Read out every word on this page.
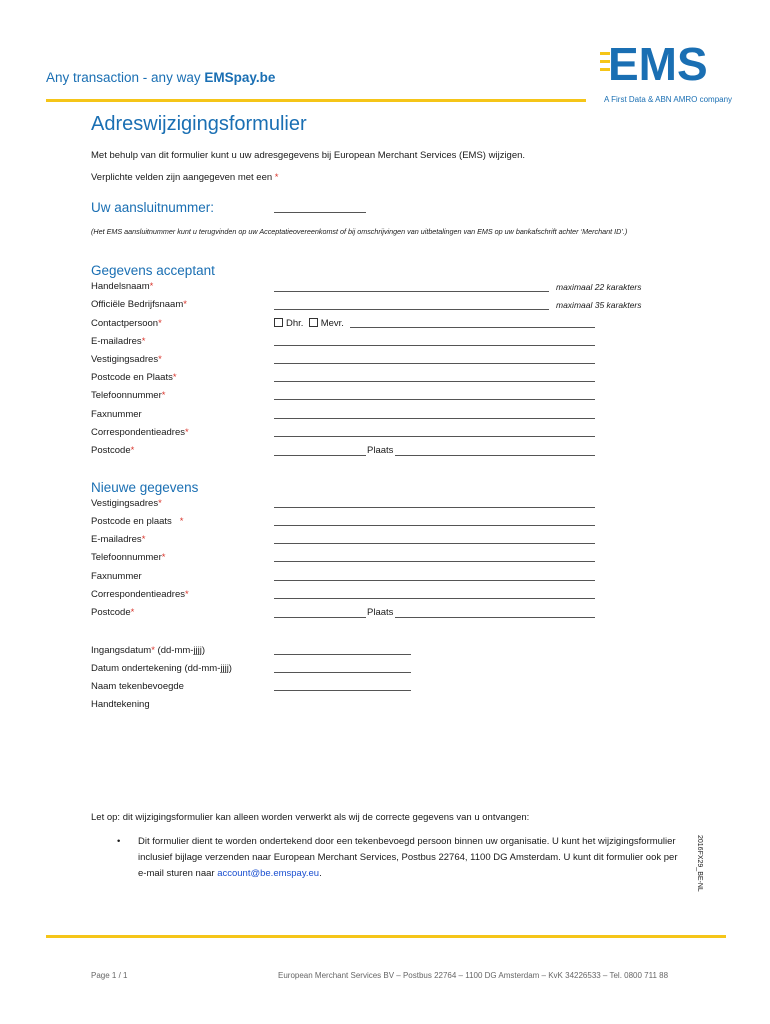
Any transaction - any way EMSpay.be	EMS
A First Data & ABN AMRO company
Adreswijzigingsformulier
Met behulp van dit formulier kunt u uw adresgegevens bij European Merchant Services (EMS) wijzigen.
Verplichte velden zijn aangegeven met een *
Uw aansluitnummer:
(Het EMS aansluitnummer kunt u terugvinden op uw Acceptatieovereenkomst of bij omschrijvingen van uitbetalingen van EMS op uw bankafschrift achter ‘Merchant ID’.)
Gegevens acceptant
Handelsnaam*	maximaal 22 karakters
Officiële Bedrijfsnaam*	maximaal 35 karakters
Contactpersoon*	Dhr. Mevr.
E-mailadres*
Vestigingsadres*
Postcode en Plaats*
Telefoonnummer*
Faxnummer
Correspondentieadres*
Postcode*	Plaats
Nieuwe gegevens
Vestigingsadres*
Postcode en plaats *
E-mailadres*
Telefoonnummer*
Faxnummer
Correspondentieadres*
Postcode*	Plaats
Ingangsdatum* (dd-mm-jjjj)
Datum ondertekening (dd-mm-jjjj)
Naam tekenbevoegde
Handtekening
Let op: dit wijzigingsformulier kan alleen worden verwerkt als wij de correcte gegevens van u ontvangen:
• Dit formulier dient te worden ondertekend door een tekenbevoegd persoon binnen uw organisatie. U kunt het wijzigingsformulier inclusief bijlage verzenden naar European Merchant Services, Postbus 22764, 1100 DG Amsterdam. U kunt dit formulier ook per e-mail sturen naar account@be.emspay.eu.	2016FX29_BE-NL
Page 1 / 1	European Merchant Services BV – Postbus 22764 – 1100 DG Amsterdam – KvK 34226533 – Tel. 0800 711 88
